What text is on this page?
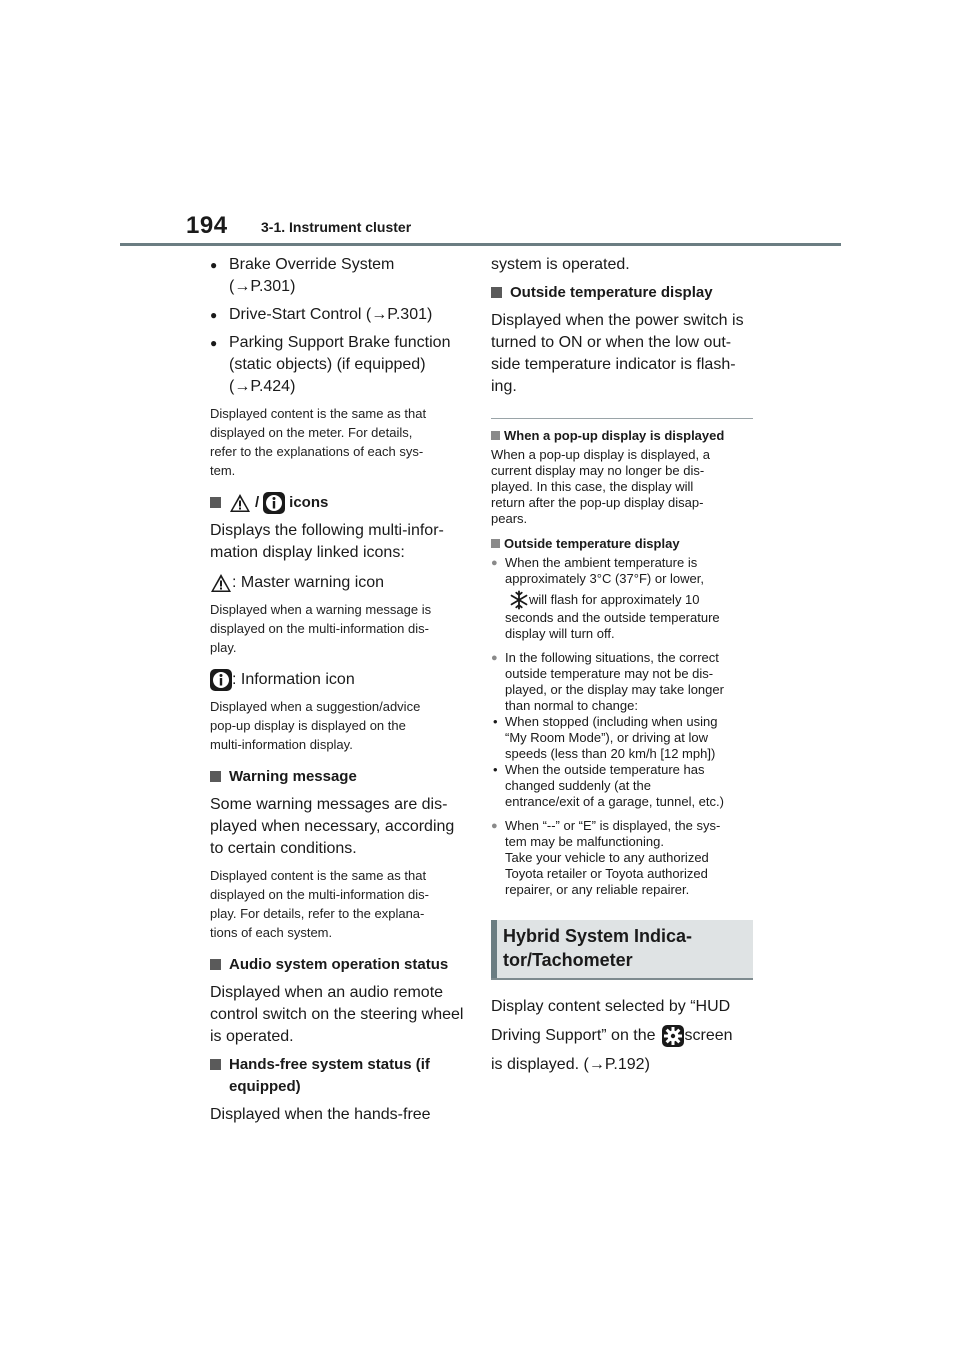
194 3-1. Instrument cluster
● Brake Override System
(→P.301)
● Drive-Start Control (→P.301)
● Parking Support Brake function
(static objects) (if equipped)
(→P.424)
Displayed content is the same as that
displayed on the meter. For details,
refer to the explanations of each sys-
tem.
/ icons
Displays the following multi-infor-
mation display linked icons:
: Master warning icon
Displayed when a warning message is
displayed on the multi-information dis-
play.
: Information icon
Displayed when a suggestion/advice
pop-up display is displayed on the
multi-information display.
Warning message
Some warning messages are dis-
played when necessary, according
to certain conditions.
Displayed content is the same as that
displayed on the multi-information dis-
play. For details, refer to the explana-
tions of each system.
Audio system operation status
Displayed when an audio remote
control switch on the steering wheel
is operated.
Hands-free system status (if
equipped)
Displayed when the hands-free
system is operated.
Outside temperature display
Displayed when the power switch is
turned to ON or when the low out-
side temperature indicator is flash-
ing.
When a pop-up display is displayed
When a pop-up display is displayed, a
current display may no longer be dis-
played. In this case, the display will
return after the pop-up display disap-
pears.
Outside temperature display
● When the ambient temperature is
approximately 3°C (37°F) or lower,
will flash for approximately 10
seconds and the outside temperature
display will turn off.
● In the following situations, the correct
outside temperature may not be dis-
played, or the display may take longer
than normal to change:
• When stopped (including when using
“My Room Mode”), or driving at low
speeds (less than 20 km/h [12 mph])
• When the outside temperature has
changed suddenly (at the
entrance/exit of a garage, tunnel, etc.)
● When “--” or “E” is displayed, the sys-
tem may be malfunctioning.
Take your vehicle to any authorized
Toyota retailer or Toyota authorized
repairer, or any reliable repairer.
Hybrid System Indica-
tor/Tachometer
Display content selected by “HUD
Driving Support” on the screen
is displayed. (→P.192)
